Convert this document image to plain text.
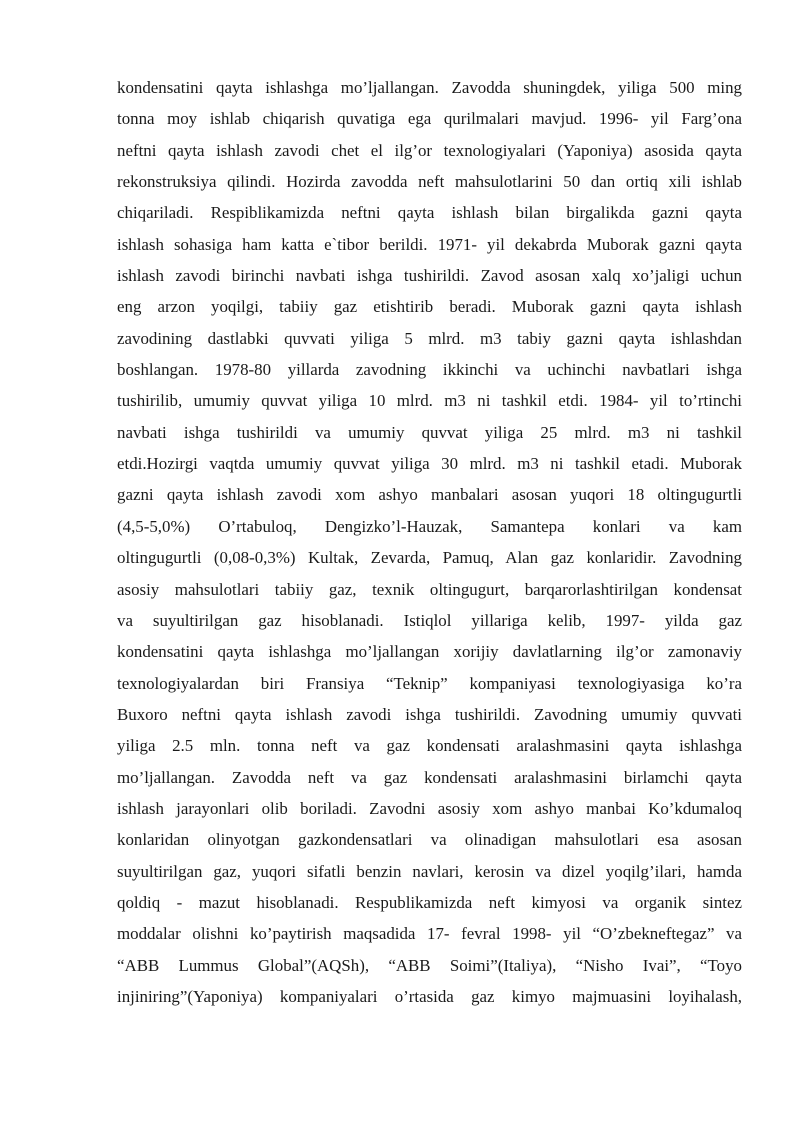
kondensatini qayta ishlashga mo’ljallangan. Zavodda shuningdek, yiliga 500 ming
tonna moy ishlab chiqarish quvatiga ega qurilmalari mavjud. 1996- yil Farg’ona
neftni qayta ishlash zavodi chet el ilg’or texnologiyalari (Yaponiya) asosida qayta
rekonstruksiya qilindi. Hozirda zavodda neft mahsulotlarini 50 dan ortiq xili ishlab
chiqariladi. Respiblikamizda neftni qayta ishlash bilan birgalikda gazni qayta
ishlash sohasiga ham katta e`tibor berildi. 1971- yil dekabrda Muborak gazni qayta
ishlash zavodi birinchi navbati ishga tushirildi. Zavod asosan xalq xo’jaligi uchun
eng arzon yoqilgi, tabiiy gaz etishtirib beradi. Muborak gazni qayta ishlash
zavodining dastlabki quvvati yiliga 5 mlrd. m3 tabiy gazni qayta ishlashdan
boshlangan. 1978-80 yillarda zavodning ikkinchi va uchinchi navbatlari ishga
tushirilib, umumiy quvvat yiliga 10 mlrd. m3 ni tashkil etdi. 1984- yil to’rtinchi
navbati ishga tushirildi va umumiy quvvat yiliga 25 mlrd. m3 ni tashkil
etdi.Hozirgi vaqtda umumiy quvvat yiliga 30 mlrd. m3 ni tashkil etadi. Muborak
gazni qayta ishlash zavodi xom ashyo manbalari asosan yuqori 18 oltingugurtli
(4,5-5,0%) O’rtabuloq, Dengizko’l-Hauzak, Samantepa konlari va kam
oltingugurtli (0,08-0,3%) Kultak, Zevarda, Pamuq, Alan gaz konlaridir. Zavodning
asosiy mahsulotlari tabiiy gaz, texnik oltingugurt, barqarorlashtirilgan kondensat
va suyultirilgan gaz hisoblanadi. Istiqlol yillariga kelib, 1997- yilda gaz
kondensatini qayta ishlashga mo’ljallangan xorijiy davlatlarning ilg’or zamonaviy
texnologiyalardan biri Fransiya “Teknip” kompaniyasi texnologiyasiga ko’ra
Buxoro neftni qayta ishlash zavodi ishga tushirildi. Zavodning umumiy quvvati
yiliga 2.5 mln. tonna neft va gaz kondensati aralashmasini qayta ishlashga
mo’ljallangan. Zavodda neft va gaz kondensati aralashmasini birlamchi qayta
ishlash jarayonlari olib boriladi. Zavodni asosiy xom ashyo manbai Ko’kdumaloq
konlaridan olinyotgan gazkondensatlari va olinadigan mahsulotlari esa asosan
suyultirilgan gaz, yuqori sifatli benzin navlari, kerosin va dizel yoqilg’ilari, hamda
qoldiq - mazut hisoblanadi. Respublikamizda neft kimyosi va organik sintez
moddalar olishni ko’paytirish maqsadida 17- fevral 1998- yil “O’zbekneftegaz” va
“ABB Lummus Global”(AQSh), “ABB Soimi”(Italiya), “Nisho Ivai”, “Toyo
injiniring”(Yaponiya) kompaniyalari o’rtasida gaz kimyo majmuasini loyihalash,
